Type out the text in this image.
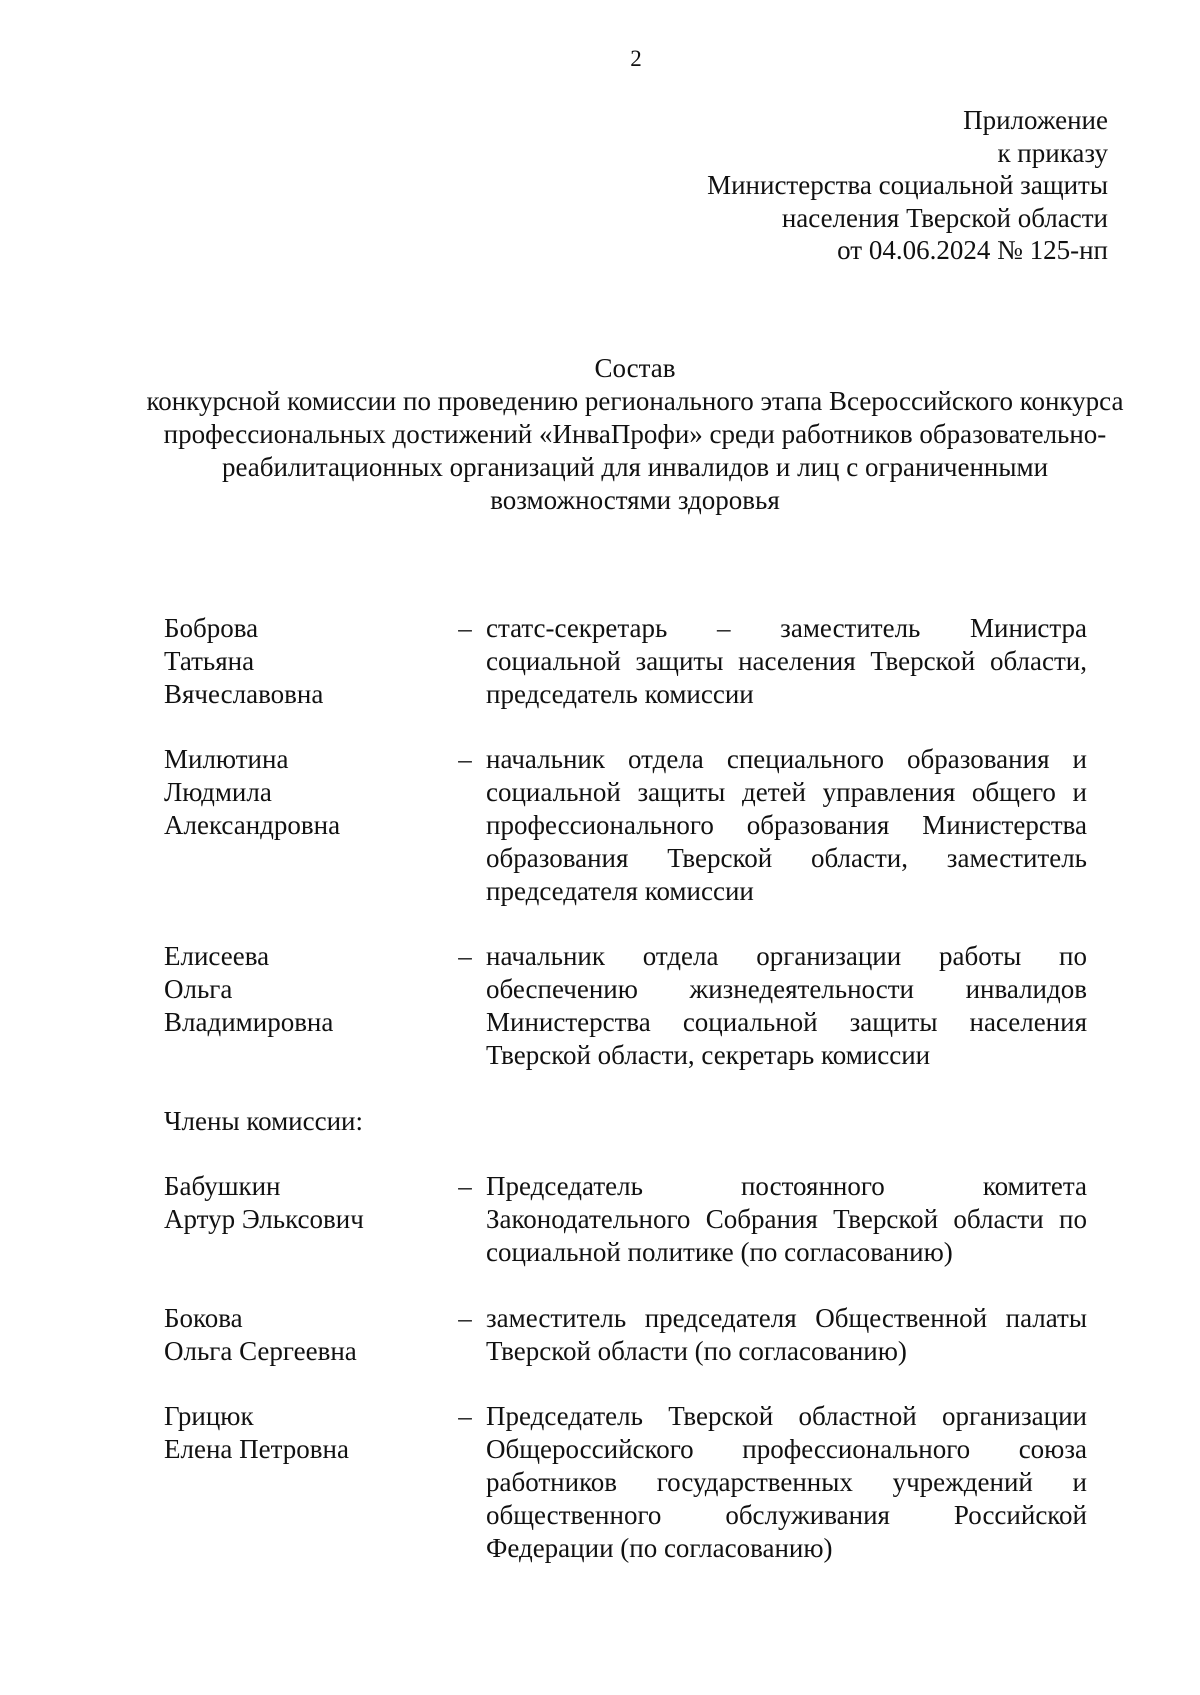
2
Приложение
к приказу
Министерства социальной защиты
населения Тверской области
от 04.06.2024 № 125-нп
Состав
конкурсной комиссии по проведению регионального этапа Всероссийского конкурса профессиональных достижений «ИнваПрофи» среди работников образовательно-реабилитационных организаций для инвалидов и лиц с ограниченными возможностями здоровья
Боброва
Татьяна
Вячеславовна
– статс-секретарь – заместитель Министра социальной защиты населения Тверской области, председатель комиссии
Милютина
Людмила
Александровна
– начальник отдела специального образования и социальной защиты детей управления общего и профессионального образования Министерства образования Тверской области, заместитель председателя комиссии
Елисеева
Ольга
Владимировна
– начальник отдела организации работы по обеспечению жизнедеятельности инвалидов Министерства социальной защиты населения Тверской области, секретарь комиссии
Члены комиссии:
Бабушкин
Артур Элькс​ович
– Председатель постоянного комитета Законодательного Собрания Тверской области по социальной политике (по согласованию)
Бокова
Ольга Сергеевна
– заместитель председателя Общественной палаты Тверской области (по согласованию)
Грицюк
Елена Петровна
– Председатель Тверской областной организации Общероссийского профессионального союза работников государственных учреждений и общественного обслуживания Российской Федерации (по согласованию)
